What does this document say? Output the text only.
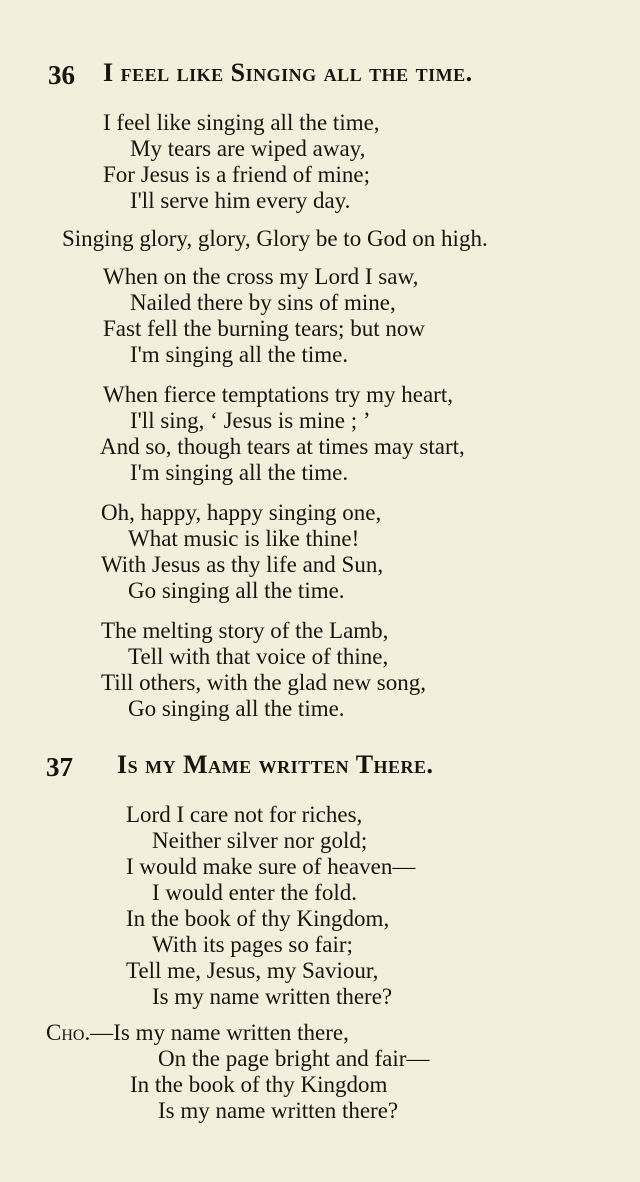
36 I feel like Singing all the time.
I feel like singing all the time,
My tears are wiped away,
For Jesus is a friend of mine;
I'll serve him every day.
Singing glory, glory, Glory be to God on high.
When on the cross my Lord I saw,
Nailed there by sins of mine,
Fast fell the burning tears; but now
I'm singing all the time.
When fierce temptations try my heart,
I'll sing, ‘ Jesus is mine ; ’
And so, though tears at times may start,
I'm singing all the time.
Oh, happy, happy singing one,
What music is like thine!
With Jesus as thy life and Sun,
Go singing all the time.
The melting story of the Lamb,
Tell with that voice of thine,
Till others, with the glad new song,
Go singing all the time.
37 Is my Mame written There.
Lord I care not for riches,
Neither silver nor gold;
I would make sure of heaven—
I would enter the fold.
In the book of thy Kingdom,
With its pages so fair;
Tell me, Jesus, my Saviour,
Is my name written there?
Cho.—Is my name written there,
On the page bright and fair—
In the book of thy Kingdom
Is my name written there?
